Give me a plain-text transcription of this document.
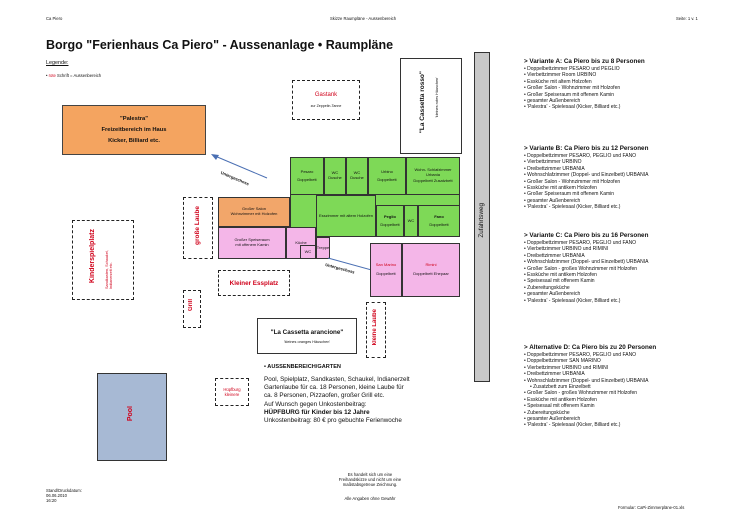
Ca Piero	Skizze Raumpläne - Aussenbereich	Seite: 1 v. 1
Borgo "Ferienhaus Ca Piero" - Aussenanlage • Raumpläne
Legende:
• rote Schrift = Aussenbereich
"Palestra"
Freizeitbereich im Haus
Kicker, Billiard etc.
Untergeschoss
Gastank
zur Zeppelin-Tanne	"La Cassetta rosso" 'kleines rotes Häuschen'
Pesaro
Doppelbett
WC Dusche
WC Dusche
Urbino
Doppelbett
Wohn- Schlafzimmer Urbania
Doppelbett Zusatzbett
Esszimmer mit altem Holzofen	Peglio
Doppelbett
WC
Fano
Doppelbett
Großer Salon
Wohnzimmer mit Holzofen
Großer Speiseraum
mit offenem Kamin	Küche
WC
Treppe
Untergeschoss	San Marino
Doppelbett
Rimini
Doppelbett Ehepaar
große Laube
Kleiner Essplatz
Kinderspielplatz Sandkasten, Schaukel, Indianerzelt etc.
Grill
"La Cassetta arancione"
'kleines oranges Häuschen'	kleine Laube
Pool
Hüpfburg
kleinere
Zufahrtsweg
• AUSSENBEREICH/GARTEN
Pool, Spielplatz, Sandkasten, Schaukel, Indianerzelt
Gartenlaube für ca. 18 Personen, kleine Laube für
ca. 8 Personen, Pizzaofen, großer Grill etc.
Auf Wunsch gegen Unkostenbeitrag:
HÜPFBURG für Kinder bis 12 Jahre
Unkostenbeitrag: 80 € pro gebuchte Ferienwoche
> Variante A: Ca Piero bis zu 8 Personen
• Doppelbettzimmer PESARO und PEGLIO
• Vierbettzimmer Room URBINO
• Essküche mit altem Holzofen
• Großer Salon - Wohnzimmer mit Holzofen
• Großer Speiseraum mit offenem Kamin
• gesamter Außenbereich
• 'Palestra' - Spielesaal (Kicker, Billiard etc.)
> Variante B: Ca Piero bis zu 12 Personen
• Doppelbettzimmer PESARO, PEGLIO und FANO
• Vierbettzimmer URBINO
• Dreibettzimmer URBANIA
• Wohnschlafzimmer (Doppel- und Einzelbett) URBANIA
• Großer Salon - Wohnzimmer mit Holzofen
• Essküche mit antikem Holzofen
• Großer Speiseraum mit offenem Kamin
• gesamter Außenbereich
• 'Palestra' - Spielesaal (Kicker, Billiard etc.)
> Variante C: Ca Piero bis zu 16 Personen
• Doppelbettzimmer PESARO, PEGLIO und FANO
• Vierbettzimmer URBINO und RIMINI
• Dreibettzimmer URBANIA
• Wohnschlafzimmer (Doppel- und Einzelbett) URBANIA
• Großer Salon - großes Wohnzimmer mit Holzofen
• Essküche mit antikem Holzofen
• Speisesaal mit offenem Kamin
• Zubereitungsküche
• gesamter Außenbereich
• 'Palestra' - Spielesaal (Kicker, Billiard etc.)
> Alternative D: Ca Piero bis zu 20 Personen
• Doppelbettzimmer PESARO, PEGLIO und FANO
• Doppelbettzimmer SAN MARINO
• Vierbettzimmer URBINO und RIMINI
• Dreibettzimmer URBANIA
• Wohnschlafzimmer (Doppel- und Einzelbett) URBANIA
• Zusatzbett zum Einzelbett
• Großer Salon - großes Wohnzimmer mit Holzofen
• Essküche mit antikem Holzofen
• Speisesaal mit offenem Kamin
• Zubereitungsküche
• gesamter Außenbereich
• 'Palestra' - Spielesaal (Kicker, Billiard etc.)
Stand/Druckdatum:
06.06.2010
16:20
Es handelt sich um eine
Freihandskizze und nicht um eine
maßstabsgetreue Zeichnung.
Alle Angaben ohne Gewähr
Formular: CaPi-Zimmerpläne-01.xls
